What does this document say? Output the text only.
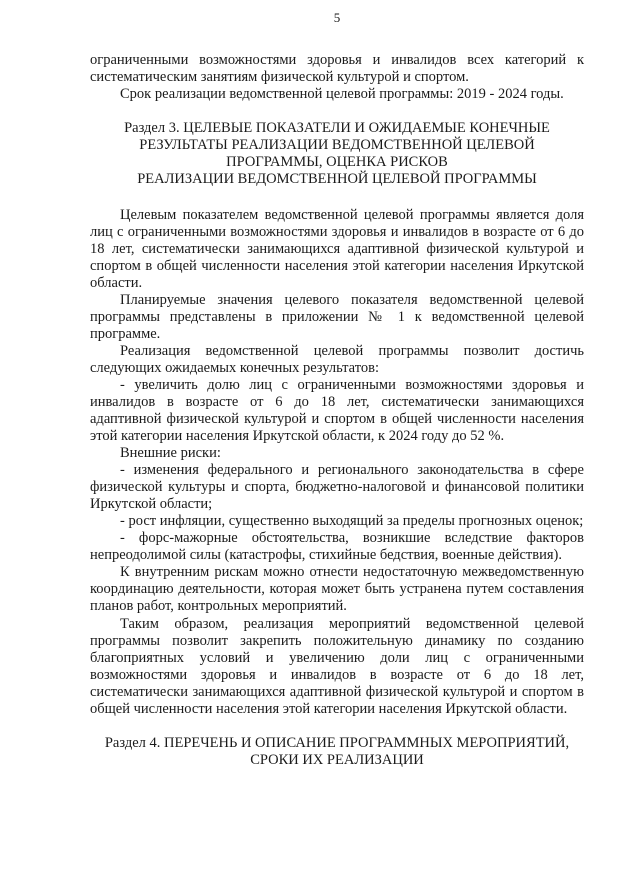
5

ограниченными возможностями здоровья и инвалидов всех категорий к систематическим занятиям физической культурой и спортом.

Срок реализации ведомственной целевой программы: 2019 - 2024 годы.

Раздел 3. ЦЕЛЕВЫЕ ПОКАЗАТЕЛИ И ОЖИДАЕМЫЕ КОНЕЧНЫЕ
РЕЗУЛЬТАТЫ РЕАЛИЗАЦИИ ВЕДОМСТВЕННОЙ ЦЕЛЕВОЙ
ПРОГРАММЫ, ОЦЕНКА РИСКОВ
РЕАЛИЗАЦИИ ВЕДОМСТВЕННОЙ ЦЕЛЕВОЙ ПРОГРАММЫ

Целевым показателем ведомственной целевой программы является доля лиц с ограниченными возможностями здоровья и инвалидов в возрасте от 6 до 18 лет, систематически занимающихся адаптивной физической культурой и спортом в общей численности населения этой категории населения Иркутской области.

Планируемые значения целевого показателя ведомственной целевой программы представлены в приложении № 1 к ведомственной целевой программе.

Реализация ведомственной целевой программы позволит достичь следующих ожидаемых конечных результатов:

- увеличить долю лиц с ограниченными возможностями здоровья и инвалидов в возрасте от 6 до 18 лет, систематически занимающихся адаптивной физической культурой и спортом в общей численности населения этой категории населения Иркутской области, к 2024 году до 52 %.

Внешние риски:

- изменения федерального и регионального законодательства в сфере физической культуры и спорта, бюджетно-налоговой и финансовой политики Иркутской области;

- рост инфляции, существенно выходящий за пределы прогнозных оценок;

- форс-мажорные обстоятельства, возникшие вследствие факторов непреодолимой силы (катастрофы, стихийные бедствия, военные действия).

К внутренним рискам можно отнести недостаточную межведомственную координацию деятельности, которая может быть устранена путем составления планов работ, контрольных мероприятий.

Таким образом, реализация мероприятий ведомственной целевой программы позволит закрепить положительную динамику по созданию благоприятных условий и увеличению доли лиц с ограниченными возможностями здоровья и инвалидов в возрасте от 6 до 18 лет, систематически занимающихся адаптивной физической культурой и спортом в общей численности населения этой категории населения Иркутской области.

Раздел 4. ПЕРЕЧЕНЬ И ОПИСАНИЕ ПРОГРАММНЫХ МЕРОПРИЯТИЙ,
СРОКИ ИХ РЕАЛИЗАЦИИ
